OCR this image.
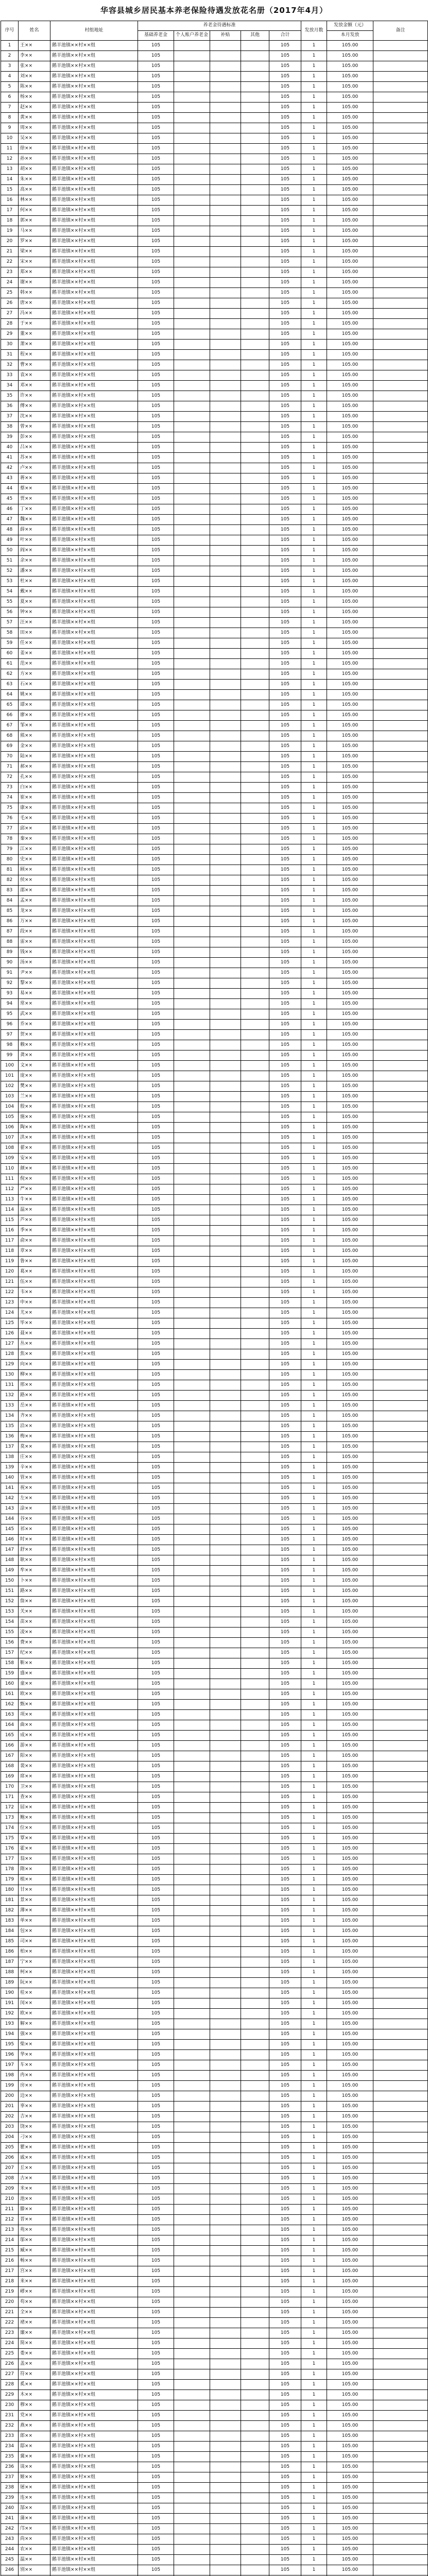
华容县城乡居民基本养老保险待遇发放花名册（2017年4月）
序号	姓名	村组地址	养老金待遇标准					发放月数	发放金额（元）	备注
			基础养老金	个人账户养老金	补贴	其他	合计		本月发放	
1	王××	鹅羊池镇××村××组	105				105	1	105.00	
2	李××	鹅羊池镇××村××组	105				105	1	105.00	
3	张××	鹅羊池镇××村××组	105				105	1	105.00	
4	刘××	鹅羊池镇××村××组	105				105	1	105.00	
5	陈××	鹅羊池镇××村××组	105				105	1	105.00	
6	杨××	鹅羊池镇××村××组	105				105	1	105.00	
7	赵××	鹅羊池镇××村××组	105				105	1	105.00	
8	黄××	鹅羊池镇××村××组	105				105	1	105.00	
9	周××	鹅羊池镇××村××组	105				105	1	105.00	
10	吴××	鹅羊池镇××村××组	105				105	1	105.00	
11	徐××	鹅羊池镇××村××组	105				105	1	105.00	
12	孙××	鹅羊池镇××村××组	105				105	1	105.00	
13	胡××	鹅羊池镇××村××组	105				105	1	105.00	
14	朱××	鹅羊池镇××村××组	105				105	1	105.00	
15	高××	鹅羊池镇××村××组	105				105	1	105.00	
16	林××	鹅羊池镇××村××组	105				105	1	105.00	
17	何××	鹅羊池镇××村××组	105				105	1	105.00	
18	郭××	鹅羊池镇××村××组	105				105	1	105.00	
19	马××	鹅羊池镇××村××组	105				105	1	105.00	
20	罗××	鹅羊池镇××村××组	105				105	1	105.00	
21	梁××	鹅羊池镇××村××组	105				105	1	105.00	
22	宋××	鹅羊池镇××村××组	105				105	1	105.00	
23	郑××	鹅羊池镇××村××组	105				105	1	105.00	
24	谢××	鹅羊池镇××村××组	105				105	1	105.00	
25	韩××	鹅羊池镇××村××组	105				105	1	105.00	
26	唐××	鹅羊池镇××村××组	105				105	1	105.00	
27	冯××	鹅羊池镇××村××组	105				105	1	105.00	
28	于××	鹅羊池镇××村××组	105				105	1	105.00	
29	董××	鹅羊池镇××村××组	105				105	1	105.00	
30	萧××	鹅羊池镇××村××组	105				105	1	105.00	
31	程××	鹅羊池镇××村××组	105				105	1	105.00	
32	曹××	鹅羊池镇××村××组	105				105	1	105.00	
33	袁××	鹅羊池镇××村××组	105				105	1	105.00	
34	邓××	鹅羊池镇××村××组	105				105	1	105.00	
35	许××	鹅羊池镇××村××组	105				105	1	105.00	
36	傅××	鹅羊池镇××村××组	105				105	1	105.00	
37	沈××	鹅羊池镇××村××组	105				105	1	105.00	
38	曾××	鹅羊池镇××村××组	105				105	1	105.00	
39	彭××	鹅羊池镇××村××组	105				105	1	105.00	
40	吕××	鹅羊池镇××村××组	105				105	1	105.00	
41	苏××	鹅羊池镇××村××组	105				105	1	105.00	
42	卢××	鹅羊池镇××村××组	105				105	1	105.00	
43	蒋××	鹅羊池镇××村××组	105				105	1	105.00	
44	蔡××	鹅羊池镇××村××组	105				105	1	105.00	
45	贾××	鹅羊池镇××村××组	105				105	1	105.00	
46	丁××	鹅羊池镇××村××组	105				105	1	105.00	
47	魏××	鹅羊池镇××村××组	105				105	1	105.00	
48	薛××	鹅羊池镇××村××组	105				105	1	105.00	
49	叶××	鹅羊池镇××村××组	105				105	1	105.00	
50	阎××	鹅羊池镇××村××组	105				105	1	105.00	
51	余××	鹅羊池镇××村××组	105				105	1	105.00	
52	潘××	鹅羊池镇××村××组	105				105	1	105.00	
53	杜××	鹅羊池镇××村××组	105				105	1	105.00	
54	戴××	鹅羊池镇××村××组	105				105	1	105.00	
55	夏××	鹅羊池镇××村××组	105				105	1	105.00	
56	钟××	鹅羊池镇××村××组	105				105	1	105.00	
57	汪××	鹅羊池镇××村××组	105				105	1	105.00	
58	田××	鹅羊池镇××村××组	105				105	1	105.00	
59	任××	鹅羊池镇××村××组	105				105	1	105.00	
60	姜××	鹅羊池镇××村××组	105				105	1	105.00	
61	范××	鹅羊池镇××村××组	105				105	1	105.00	
62	方××	鹅羊池镇××村××组	105				105	1	105.00	
63	石××	鹅羊池镇××村××组	105				105	1	105.00	
64	姚××	鹅羊池镇××村××组	105				105	1	105.00	
65	谭××	鹅羊池镇××村××组	105				105	1	105.00	
66	廖××	鹅羊池镇××村××组	105				105	1	105.00	
67	邹××	鹅羊池镇××村××组	105				105	1	105.00	
68	熊××	鹅羊池镇××村××组	105				105	1	105.00	
69	金××	鹅羊池镇××村××组	105				105	1	105.00	
70	陆××	鹅羊池镇××村××组	105				105	1	105.00	
71	郝××	鹅羊池镇××村××组	105				105	1	105.00	
72	孔××	鹅羊池镇××村××组	105				105	1	105.00	
73	白××	鹅羊池镇××村××组	105				105	1	105.00	
74	崔××	鹅羊池镇××村××组	105				105	1	105.00	
75	康××	鹅羊池镇××村××组	105				105	1	105.00	
76	毛××	鹅羊池镇××村××组	105				105	1	105.00	
77	邱××	鹅羊池镇××村××组	105				105	1	105.00	
78	秦××	鹅羊池镇××村××组	105				105	1	105.00	
79	江××	鹅羊池镇××村××组	105				105	1	105.00	
80	史××	鹅羊池镇××村××组	105				105	1	105.00	
81	顾××	鹅羊池镇××村××组	105				105	1	105.00	
82	侯××	鹅羊池镇××村××组	105				105	1	105.00	
83	邵××	鹅羊池镇××村××组	105				105	1	105.00	
84	孟××	鹅羊池镇××村××组	105				105	1	105.00	
85	龙××	鹅羊池镇××村××组	105				105	1	105.00	
86	万××	鹅羊池镇××村××组	105				105	1	105.00	
87	段××	鹅羊池镇××村××组	105				105	1	105.00	
88	雷××	鹅羊池镇××村××组	105				105	1	105.00	
89	钱××	鹅羊池镇××村××组	105				105	1	105.00	
90	汤××	鹅羊池镇××村××组	105				105	1	105.00	
91	尹××	鹅羊池镇××村××组	105				105	1	105.00	
92	黎××	鹅羊池镇××村××组	105				105	1	105.00	
93	易××	鹅羊池镇××村××组	105				105	1	105.00	
94	常××	鹅羊池镇××村××组	105				105	1	105.00	
95	武××	鹅羊池镇××村××组	105				105	1	105.00	
96	乔××	鹅羊池镇××村××组	105				105	1	105.00	
97	贺××	鹅羊池镇××村××组	105				105	1	105.00	
98	赖××	鹅羊池镇××村××组	105				105	1	105.00	
99	龚××	鹅羊池镇××村××组	105				105	1	105.00	
100	文××	鹅羊池镇××村××组	105				105	1	105.00	
101	庞××	鹅羊池镇××村××组	105				105	1	105.00	
102	樊××	鹅羊池镇××村××组	105				105	1	105.00	
103	兰××	鹅羊池镇××村××组	105				105	1	105.00	
104	殷××	鹅羊池镇××村××组	105				105	1	105.00	
105	施××	鹅羊池镇××村××组	105				105	1	105.00	
106	陶××	鹅羊池镇××村××组	105				105	1	105.00	
107	洪××	鹅羊池镇××村××组	105				105	1	105.00	
108	翟××	鹅羊池镇××村××组	105				105	1	105.00	
109	安××	鹅羊池镇××村××组	105				105	1	105.00	
110	颜××	鹅羊池镇××村××组	105				105	1	105.00	
111	倪××	鹅羊池镇××村××组	105				105	1	105.00	
112	严××	鹅羊池镇××村××组	105				105	1	105.00	
113	牛××	鹅羊池镇××村××组	105				105	1	105.00	
114	温××	鹅羊池镇××村××组	105				105	1	105.00	
115	芦××	鹅羊池镇××村××组	105				105	1	105.00	
116	季××	鹅羊池镇××村××组	105				105	1	105.00	
117	俞××	鹅羊池镇××村××组	105				105	1	105.00	
118	章××	鹅羊池镇××村××组	105				105	1	105.00	
119	鲁××	鹅羊池镇××村××组	105				105	1	105.00	
120	葛××	鹅羊池镇××村××组	105				105	1	105.00	
121	伍××	鹅羊池镇××村××组	105				105	1	105.00	
122	韦××	鹅羊池镇××村××组	105				105	1	105.00	
123	申××	鹅羊池镇××村××组	105				105	1	105.00	
124	尤××	鹅羊池镇××村××组	105				105	1	105.00	
125	毕××	鹅羊池镇××村××组	105				105	1	105.00	
126	聂××	鹅羊池镇××村××组	105				105	1	105.00	
127	丛××	鹅羊池镇××村××组	105				105	1	105.00	
128	焦××	鹅羊池镇××村××组	105				105	1	105.00	
129	向××	鹅羊池镇××村××组	105				105	1	105.00	
130	柳××	鹅羊池镇××村××组	105				105	1	105.00	
131	邢××	鹅羊池镇××村××组	105				105	1	105.00	
132	路××	鹅羊池镇××村××组	105				105	1	105.00	
133	岳××	鹅羊池镇××村××组	105				105	1	105.00	
134	齐××	鹅羊池镇××村××组	105				105	1	105.00	
135	沿××	鹅羊池镇××村××组	105				105	1	105.00	
136	梅××	鹅羊池镇××村××组	105				105	1	105.00	
137	莫××	鹅羊池镇××村××组	105				105	1	105.00	
138	庄××	鹅羊池镇××村××组	105				105	1	105.00	
139	辛××	鹅羊池镇××村××组	105				105	1	105.00	
140	管××	鹅羊池镇××村××组	105				105	1	105.00	
141	祝××	鹅羊池镇××村××组	105				105	1	105.00	
142	左××	鹅羊池镇××村××组	105				105	1	105.00	
143	涂××	鹅羊池镇××村××组	105				105	1	105.00	
144	谷××	鹅羊池镇××村××组	105				105	1	105.00	
145	祁××	鹅羊池镇××村××组	105				105	1	105.00	
146	时××	鹅羊池镇××村××组	105				105	1	105.00	
147	舒××	鹅羊池镇××村××组	105				105	1	105.00	
148	耿××	鹅羊池镇××村××组	105				105	1	105.00	
149	牟××	鹅羊池镇××村××组	105				105	1	105.00	
150	卜××	鹅羊池镇××村××组	105				105	1	105.00	
151	路××	鹅羊池镇××村××组	105				105	1	105.00	
152	詹××	鹅羊池镇××村××组	105				105	1	105.00	
153	关××	鹅羊池镇××村××组	105				105	1	105.00	
154	苗××	鹅羊池镇××村××组	105				105	1	105.00	
155	凌××	鹅羊池镇××村××组	105				105	1	105.00	
156	费××	鹅羊池镇××村××组	105				105	1	105.00	
157	纪××	鹅羊池镇××村××组	105				105	1	105.00	
158	靳××	鹅羊池镇××村××组	105				105	1	105.00	
159	盛××	鹅羊池镇××村××组	105				105	1	105.00	
160	童××	鹅羊池镇××村××组	105				105	1	105.00	
161	欧××	鹅羊池镇××村××组	105				105	1	105.00	
162	甄××	鹅羊池镇××村××组	105				105	1	105.00	
163	项××	鹅羊池镇××村××组	105				105	1	105.00	
164	曲××	鹅羊池镇××村××组	105				105	1	105.00	
165	成××	鹅羊池镇××村××组	105				105	1	105.00	
166	游××	鹅羊池镇××村××组	105				105	1	105.00	
167	阳××	鹅羊池镇××村××组	105				105	1	105.00	
168	裴××	鹅羊池镇××村××组	105				105	1	105.00	
169	席××	鹅羊池镇××村××组	105				105	1	105.00	
170	卫××	鹅羊池镇××村××组	105				105	1	105.00	
171	查××	鹅羊池镇××村××组	105				105	1	105.00	
172	屈××	鹅羊池镇××村××组	105				105	1	105.00	
173	鲍××	鹅羊池镇××村××组	105				105	1	105.00	
174	位××	鹅羊池镇××村××组	105				105	1	105.00	
175	覃××	鹅羊池镇××村××组	105				105	1	105.00	
176	霍××	鹅羊池镇××村××组	105				105	1	105.00	
177	翁××	鹅羊池镇××村××组	105				105	1	105.00	
178	隋××	鹅羊池镇××村××组	105				105	1	105.00	
179	植××	鹅羊池镇××村××组	105				105	1	105.00	
180	甘××	鹅羊池镇××村××组	105				105	1	105.00	
181	景××	鹅羊池镇××村××组	105				105	1	105.00	
182	薄××	鹅羊池镇××村××组	105				105	1	105.00	
183	单××	鹅羊池镇××村××组	105				105	1	105.00	
184	包××	鹅羊池镇××村××组	105				105	1	105.00	
185	司××	鹅羊池镇××村××组	105				105	1	105.00	
186	柏××	鹅羊池镇××村××组	105				105	1	105.00	
187	宁××	鹅羊池镇××村××组	105				105	1	105.00	
188	柯××	鹅羊池镇××村××组	105				105	1	105.00	
189	阮××	鹅羊池镇××村××组	105				105	1	105.00	
190	桂××	鹅羊池镇××村××组	105				105	1	105.00	
191	闵××	鹅羊池镇××村××组	105				105	1	105.00	
192	欧××	鹅羊池镇××村××组	105				105	1	105.00	
193	解××	鹅羊池镇××村××组	105				105	1	105.00	
194	强××	鹅羊池镇××村××组	105				105	1	105.00	
195	柴××	鹅羊池镇××村××组	105				105	1	105.00	
196	华××	鹅羊池镇××村××组	105				105	1	105.00	
197	车××	鹅羊池镇××村××组	105				105	1	105.00	
198	冉××	鹅羊池镇××村××组	105				105	1	105.00	
199	房××	鹅羊池镇××村××组	105				105	1	105.00	
200	边××	鹅羊池镇××村××组	105				105	1	105.00	
201	辜××	鹅羊池镇××村××组	105				105	1	105.00	
202	吉××	鹅羊池镇××村××组	105				105	1	105.00	
203	饶××	鹅羊池镇××村××组	105				105	1	105.00	
204	刁××	鹅羊池镇××村××组	105				105	1	105.00	
205	瞿××	鹅羊池镇××村××组	105				105	1	105.00	
206	戚××	鹅羊池镇××村××组	105				105	1	105.00	
207	丘××	鹅羊池镇××村××组	105				105	1	105.00	
208	古××	鹅羊池镇××村××组	105				105	1	105.00	
209	米××	鹅羊池镇××村××组	105				105	1	105.00	
210	池××	鹅羊池镇××村××组	105				105	1	105.00	
211	滕××	鹅羊池镇××村××组	105				105	1	105.00	
212	晋××	鹅羊池镇××村××组	105				105	1	105.00	
213	苑××	鹅羊池镇××村××组	105				105	1	105.00	
214	邬××	鹅羊池镇××村××组	105				105	1	105.00	
215	臧××	鹅羊池镇××村××组	105				105	1	105.00	
216	畅××	鹅羊池镇××村××组	105				105	1	105.00	
217	宫××	鹅羊池镇××村××组	105				105	1	105.00	
218	来××	鹅羊池镇××村××组	105				105	1	105.00	
219	嵺××	鹅羊池镇××村××组	105				105	1	105.00	
220	苟××	鹅羊池镇××村××组	105				105	1	105.00	
221	全××	鹅羊池镇××村××组	105				105	1	105.00	
222	褚××	鹅羊池镇××村××组	105				105	1	105.00	
223	廉××	鹅羊池镇××村××组	105				105	1	105.00	
224	简××	鹅羊池镇××村××组	105				105	1	105.00	
225	娄××	鹅羊池镇××村××组	105				105	1	105.00	
226	盖××	鹅羊池镇××村××组	105				105	1	105.00	
227	符××	鹅羊池镇××村××组	105				105	1	105.00	
228	奚××	鹅羊池镇××村××组	105				105	1	105.00	
229	木××	鹅羊池镇××村××组	105				105	1	105.00	
230	穆××	鹅羊池镇××村××组	105				105	1	105.00	
231	党××	鹅羊池镇××村××组	105				105	1	105.00	
232	燕××	鹅羊池镇××村××组	105				105	1	105.00	
233	郎××	鹅羊池镇××村××组	105				105	1	105.00	
234	邸××	鹅羊池镇××村××组	105				105	1	105.00	
235	冀××	鹅羊池镇××村××组	105				105	1	105.00	
236	谈××	鹅羊池镇××村××组	105				105	1	105.00	
237	姬××	鹅羊池镇××村××组	105				105	1	105.00	
238	屠××	鹅羊池镇××村××组	105				105	1	105.00	
239	连××	鹅羊池镇××村××组	105				105	1	105.00	
240	郜××	鹅羊池镇××村××组	105				105	1	105.00	
241	蒲××	鹅羊池镇××村××组	105				105	1	105.00	
242	邝××	鹅羊池镇××村××组	105				105	1	105.00	
243	尚××	鹅羊池镇××村××组	105				105	1	105.00	
244	农××	鹅羊池镇××村××组	105				105	1	105.00	
245	温××	鹅羊池镇××村××组	105				105	1	105.00	
246	别××	鹅羊池镇××村××组	105				105	1	105.00	
